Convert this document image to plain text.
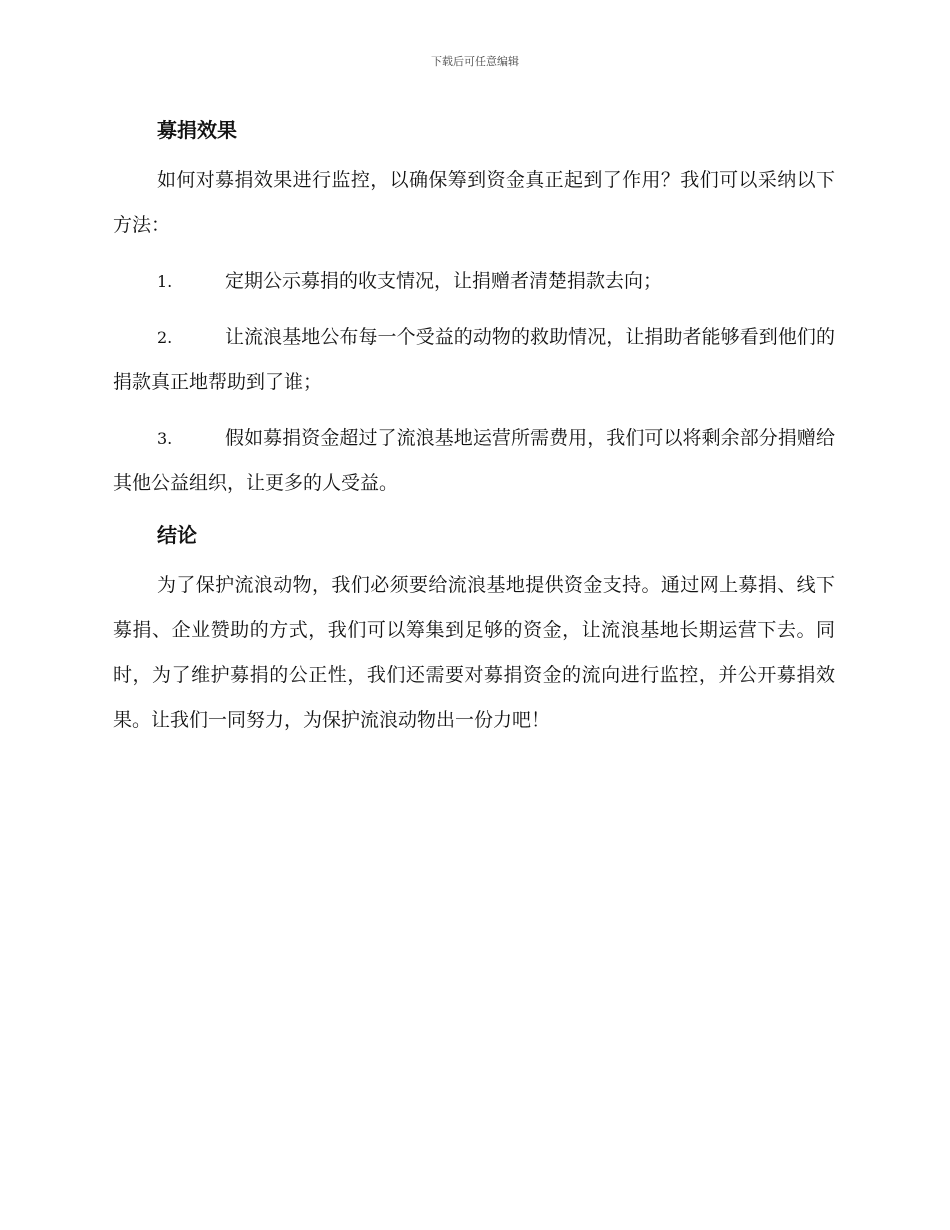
下载后可任意编辑
募捐效果
如何对募捐效果进行监控，以确保筹到资金真正起到了作用？我们可以采纳以下方法：
1.	定期公示募捐的收支情况，让捐赠者清楚捐款去向；
2.	让流浪基地公布每一个受益的动物的救助情况，让捐助者能够看到他们的捐款真正地帮助到了谁；
3.	假如募捐资金超过了流浪基地运营所需费用，我们可以将剩余部分捐赠给其他公益组织，让更多的人受益。
结论
为了保护流浪动物，我们必须要给流浪基地提供资金支持。通过网上募捐、线下募捐、企业赞助的方式，我们可以筹集到足够的资金，让流浪基地长期运营下去。同时，为了维护募捐的公正性，我们还需要对募捐资金的流向进行监控，并公开募捐效果。让我们一同努力，为保护流浪动物出一份力吧！
